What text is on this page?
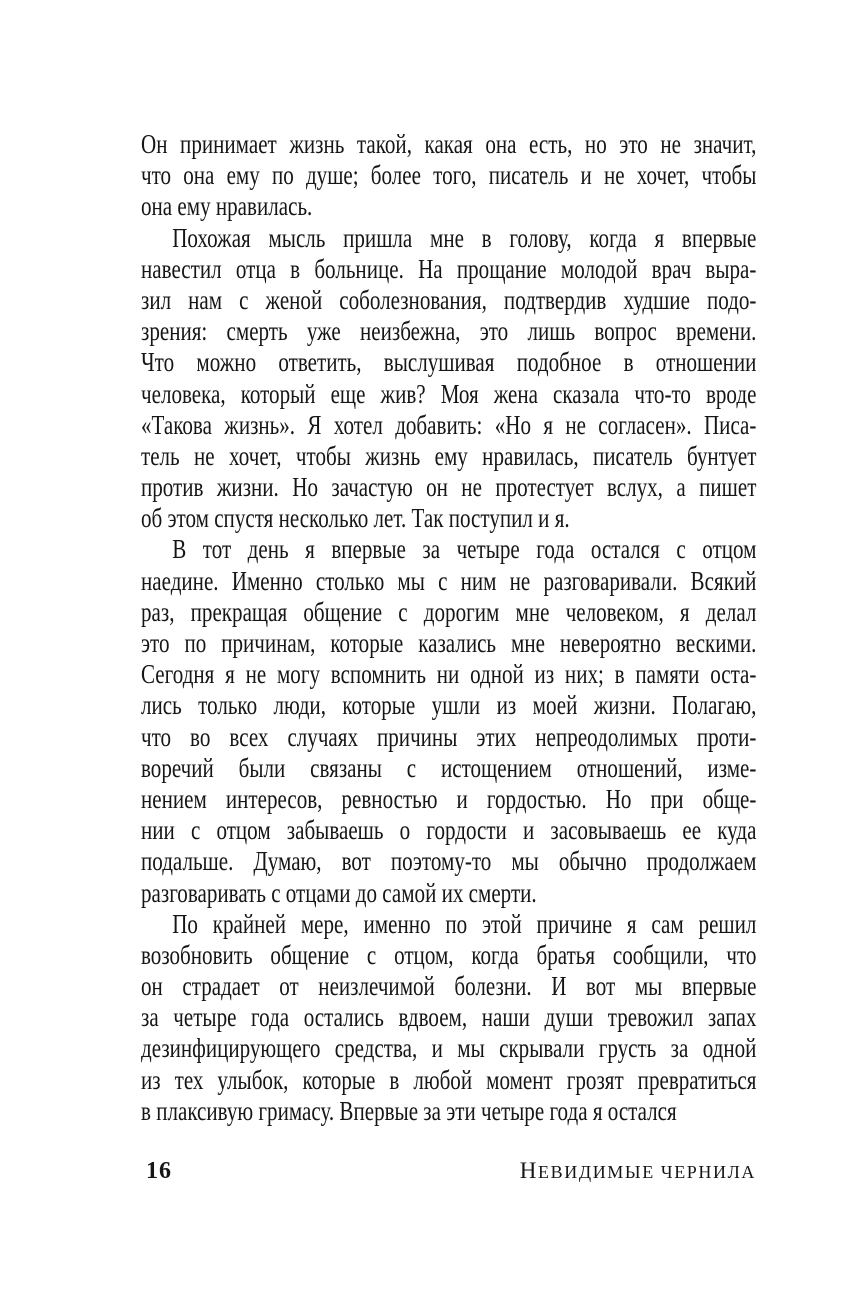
Он принимает жизнь такой, какая она есть, но это не значит,
что она ему по душе; более того, писатель и не хочет, чтобы
она ему нравилась.
Похожая мысль пришла мне в голову, когда я впервые
навестил отца в больнице. На прощание молодой врач выра-
зил нам с женой соболезнования, подтвердив худшие подо-
зрения: смерть уже неизбежна, это лишь вопрос времени.
Что можно ответить, выслушивая подобное в отношении
человека, который еще жив? Моя жена сказала что-то вроде
«Такова жизнь». Я хотел добавить: «Но я не согласен». Писа-
тель не хочет, чтобы жизнь ему нравилась, писатель бунтует
против жизни. Но зачастую он не протестует вслух, а пишет
об этом спустя несколько лет. Так поступил и я.
В тот день я впервые за четыре года остался с отцом
наедине. Именно столько мы с ним не разговаривали. Всякий
раз, прекращая общение с дорогим мне человеком, я делал
это по причинам, которые казались мне невероятно вескими.
Сегодня я не могу вспомнить ни одной из них; в памяти оста-
лись только люди, которые ушли из моей жизни. Полагаю,
что во всех случаях причины этих непреодолимых проти-
воречий были связаны с истощением отношений, изме-
нением интересов, ревностью и гордостью. Но при обще-
нии с отцом забываешь о гордости и засовываешь ее куда
подальше. Думаю, вот поэтому-то мы обычно продолжаем
разговаривать с отцами до самой их смерти.
По крайней мере, именно по этой причине я сам решил
возобновить общение с отцом, когда братья сообщили, что
он страдает от неизлечимой болезни. И вот мы впервые
за четыре года остались вдвоем, наши души тревожил запах
дезинфицирующего средства, и мы скрывали грусть за одной
из тех улыбок, которые в любой момент грозят превратиться
в плаксивую гримасу. Впервые за эти четыре года я остался
16	НЕВИДИМЫЕ ЧЕРНИЛА
